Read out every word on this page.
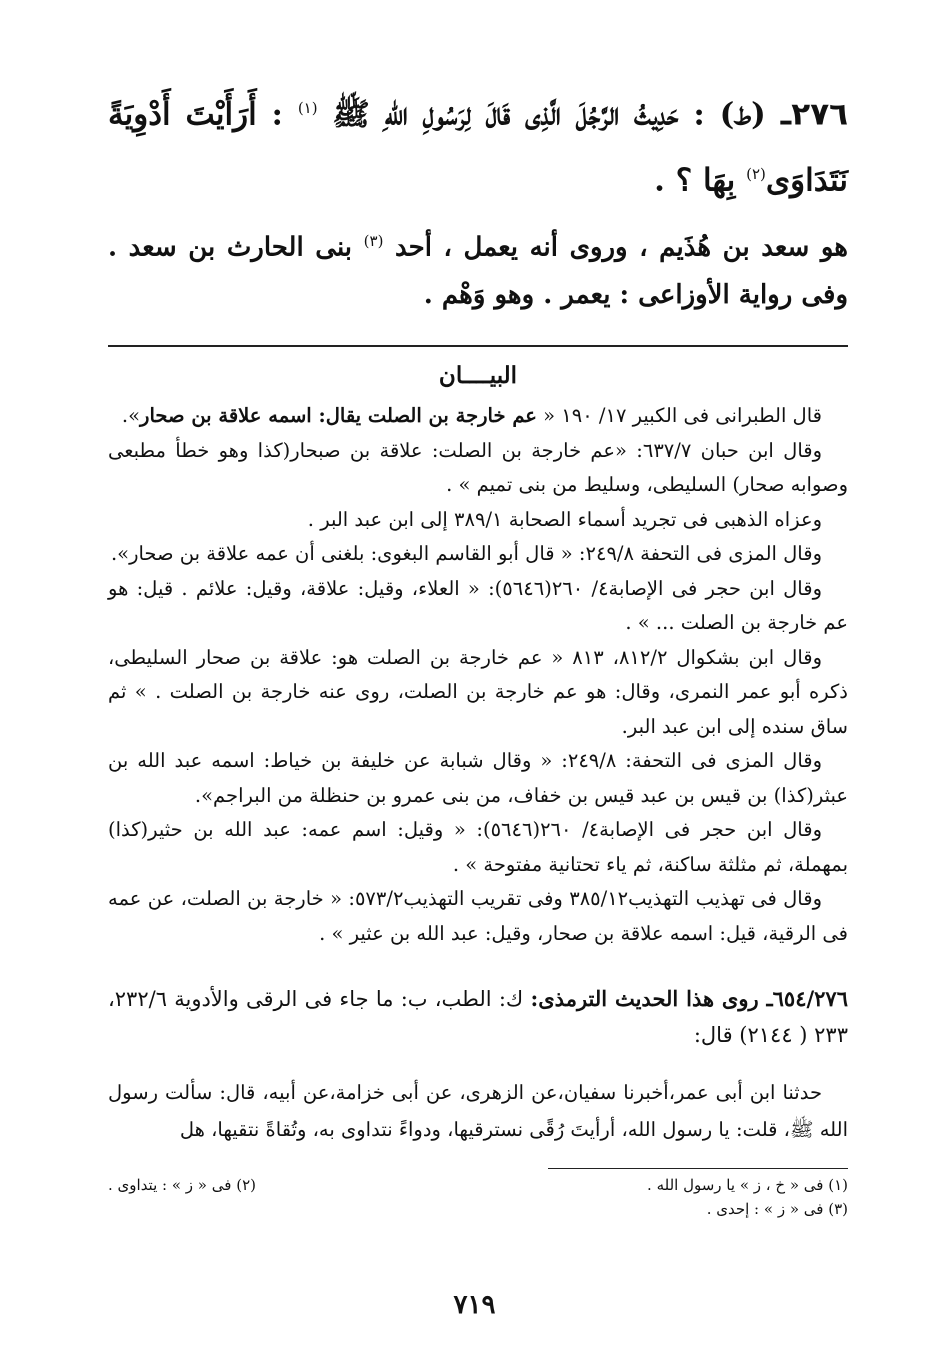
٢٧٦ـ (ط) : حَدِيثُ الرَّجُلَ الَّذِى قَالَ لِرَسُولِ اللهِ ﷺ $^{(١)}$ : أَرَأَيْتَ أَدْوِيَةً نَتَدَاوَى$^{(٢)}$ بِهَا ؟ .

هو سعد بن هُذَيم ، وروى أنه يعمل ، أحد $^{(٣)}$ بنى الحارث بن سعد . وفى رواية الأوزاعى : يعمر . وهو وَهْم .

البيــــان

قال الطبرانى فى الكبير ١٧/ ١٩٠ « عم خارجة بن الصلت يقال: اسمه علاقة بن صحار».

وقال ابن حبان ٦٣٧/٧: «عم خارجة بن الصلت: علاقة بن صبحار(كذا وهو خطأ مطبعى وصوابه صحار) السليطى، وسليط من بنى تميم » .

وعزاه الذهبى فى تجريد أسماء الصحابة ٣٨٩/١ إلى ابن عبد البر .

وقال المزى فى التحفة ٢٤٩/٨: « قال أبو القاسم البغوى: بلغنى أن عمه علاقة بن صحار».

وقال ابن حجر فى الإصابة٤/ ٢٦٠(٥٦٤٦): « العلاء، وقيل: علاقة، وقيل: علائم . قيل: هو عم خارجة بن الصلت ... » .

وقال ابن بشكوال ٨١٢/٢، ٨١٣ « عم خارجة بن الصلت هو: علاقة بن صحار السليطى، ذكره أبو عمر النمرى، وقال: هو عم خارجة بن الصلت، روى عنه خارجة بن الصلت . » ثم ساق سنده إلى ابن عبد البر.

وقال المزى فى التحفة: ٢٤٩/٨: « وقال شبابة عن خليفة بن خياط: اسمه عبد الله بن عبثر(كذا) بن قيس بن عبد قيس بن خفاف، من بنى عمرو بن حنظلة من البراجم».

وقال ابن حجر فى الإصابة٤/ ٢٦٠(٥٦٤٦): « وقيل: اسم عمه: عبد الله بن حثير(كذا) بمهملة، ثم مثلثة ساكنة، ثم ياء تحتانية مفتوحة » .

وقال فى تهذيب التهذيب٣٨٥/١٢ وفى تقريب التهذيب٥٧٣/٢: « خارجة بن الصلت، عن عمه فى الرقية، قيل: اسمه علاقة بن صحار، وقيل: عبد الله بن عثير » .

٦٥٤/٢٧٦ـ روى هذا الحديث الترمذى: ك: الطب، ب: ما جاء فى الرقى والأدوية ٢٣٢/٦، ٢٣٣ ( ٢١٤٤) قال:

حدثنا ابن أبى عمر،أخبرنا سفيان،عن الزهرى، عن أبى خزامة،عن أبيه، قال: سألت رسول الله ﷺ، قلت: يا رسول الله، أرأيتَ رُقًى نسترقيها، ودواءً نتداوى به، وتُقاةً نتقيها، هل

(١) فى « خ ، ز » يا رسول الله .
(٢) فى « ز » : يتداوى .
(٣) فى « ز » : إحدى .
٧١٩
